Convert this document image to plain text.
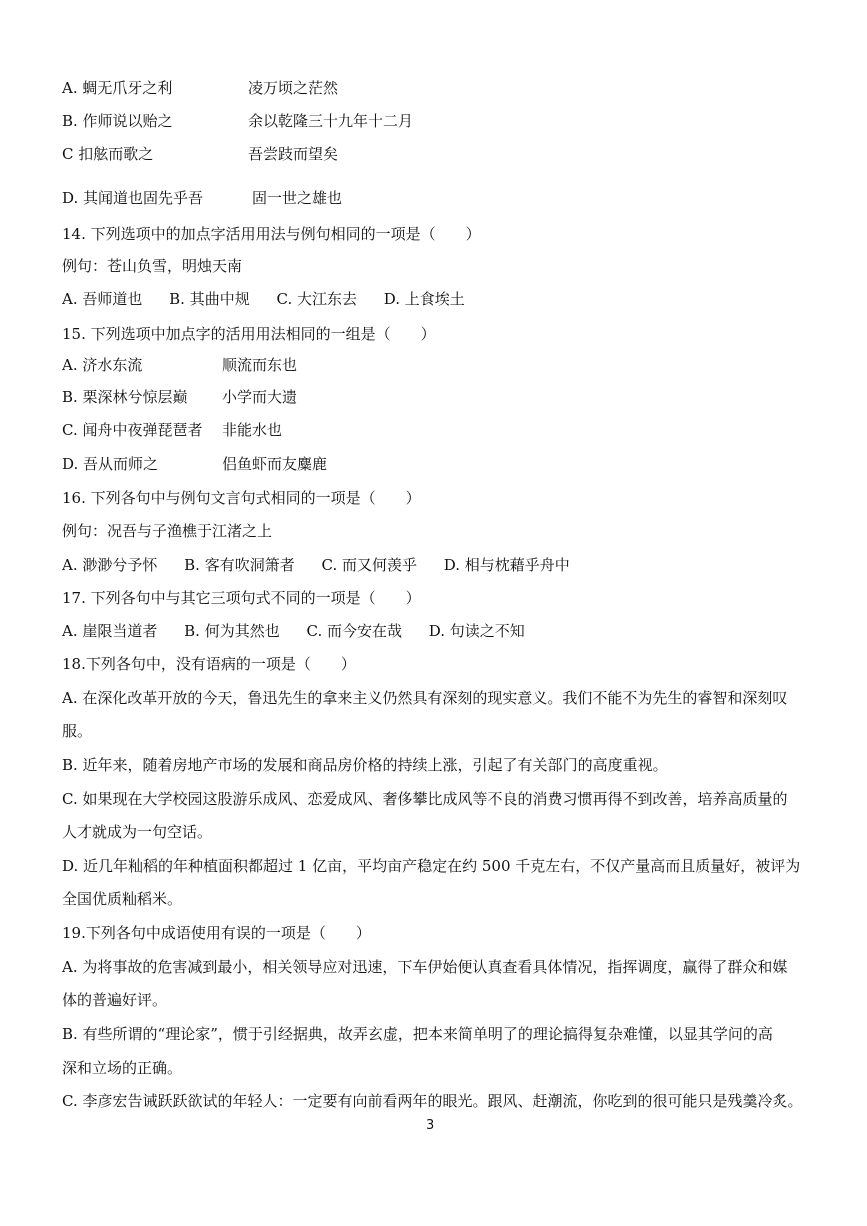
A. 蜩无爪牙之利	凌万顷之茫然
B. 作师说以贻之	余以乾隆三十九年十二月
C 扣舷而歌之	吾尝跂而望矣
D. 其闻道也固先乎吾	固一世之雄也
14. 下列选项中的加点字活用用法与例句相同的一项是（　　）
例句：苍山负雪，明烛天南
A. 吾师道也 B. 其曲中规 C. 大江东去 D. 上食埃土
15. 下列选项中加点字的活用用法相同的一组是（　　）
A. 济水东流	顺流而东也
B. 栗深林兮惊层巅 小学而大遗
C. 闻舟中夜弹琵琶者 非能水也
D. 吾从而师之	侣鱼虾而友麋鹿
16. 下列各句中与例句文言句式相同的一项是（　　）
例句：况吾与子渔樵于江渚之上
A. 渺渺兮予怀 B. 客有吹洞箫者 C. 而又何羡乎 D. 相与枕藉乎舟中
17. 下列各句中与其它三项句式不同的一项是（　　）
A. 崖限当道者 B. 何为其然也 C. 而今安在哉 D. 句读之不知
18.下列各句中，没有语病的一项是（　　）
A. 在深化改革开放的今天，鲁迅先生的拿来主义仍然具有深刻的现实意义。我们不能不为先生的睿智和深刻叹
服。
B. 近年来，随着房地产市场的发展和商品房价格的持续上涨，引起了有关部门的高度重视。
C. 如果现在大学校园这股游乐成风、恋爱成风、奢侈攀比成风等不良的消费习惯再得不到改善，培养高质量的
人才就成为一句空话。
D. 近几年籼稻的年种植面积都超过 1 亿亩，平均亩产稳定在约 500 千克左右，不仅产量高而且质量好，被评为
全国优质籼稻米。
19.下列各句中成语使用有误的一项是（　　）
A. 为将事故的危害减到最小，相关领导应对迅速，下车伊始便认真查看具体情况，指挥调度，赢得了群众和媒
体的普遍好评。
B. 有些所谓的“理论家”，惯于引经据典，故弄玄虚，把本来简单明了的理论搞得复杂难懂，以显其学问的高
深和立场的正确。
C. 李彦宏告诫跃跃欲试的年轻人：一定要有向前看两年的眼光。跟风、赶潮流，你吃到的很可能只是残羹冷炙。
3
